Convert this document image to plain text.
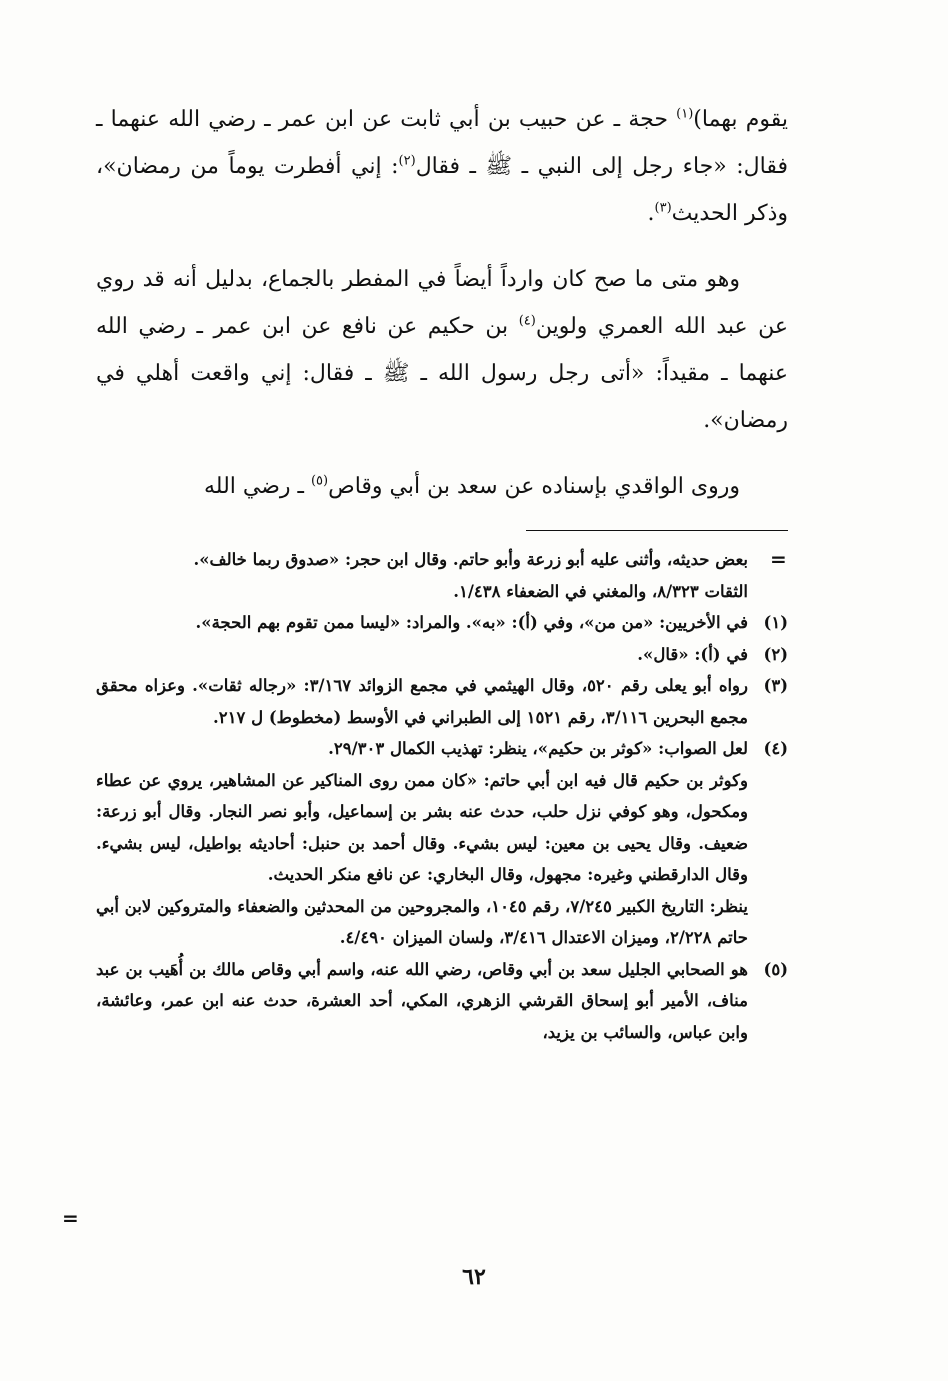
يقوم بهما)$^{(١)}$ حجة ـ عن حبيب بن أبي ثابت عن ابن عمر ـ رضي الله عنهما ـ فقال: «جاء رجل إلى النبي ـ ﷺ ـ فقال$^{(٢)}$: إني أفطرت يوماً من رمضان»، وذكر الحديث$^{(٣)}$.

وهو متى ما صح كان وارداً أيضاً في المفطر بالجماع، بدليل أنه قد روي عن عبد الله العمري ولوين$^{(٤)}$ بن حكيم عن نافع عن ابن عمر ـ رضي الله عنهما ـ مقيداً: «أتى رجل رسول الله ـ ﷺ ـ فقال: إني واقعت أهلي في رمضان».

وروى الواقدي بإسناده عن سعد بن أبي وقاص$^{(٥)}$ ـ رضي الله

=

بعض حديثه، وأثنى عليه أبو زرعة وأبو حاتم. وقال ابن حجر: «صدوق ربما خالف».

الثقات ٨/٣٢٣، والمغني في الضعفاء ١/٤٣٨.

(١)
في الأخريين: «من من»، وفي (أ): «به». والمراد: «ليسا ممن تقوم بهم الحجة».
(٢)
في (أ): «قال».
(٣)
رواه أبو يعلى رقم ٥٢٠، وقال الهيثمي في مجمع الزوائد ٣/١٦٧: «رجاله ثقات». وعزاه محقق مجمع البحرين ٣/١١٦، رقم ١٥٢١ إلى الطبراني في الأوسط (مخطوط) ل ٢١٧.
(٤)

لعل الصواب: «كوثر بن حكيم»، ينظر: تهذيب الكمال ٢٩/٣٠٣.

وكوثر بن حكيم قال فيه ابن أبي حاتم: «كان ممن روى المناكير عن المشاهير، يروي عن عطاء ومكحول، وهو كوفي نزل حلب، حدث عنه بشر بن إسماعيل، وأبو نصر النجار. وقال أبو زرعة: ضعيف. وقال يحيى بن معين: ليس بشيء. وقال أحمد بن حنبل: أحاديثه بواطيل، ليس بشيء. وقال الدارقطني وغيره: مجهول، وقال البخاري: عن نافع منكر الحديث.

ينظر: التاريخ الكبير ٧/٢٤٥، رقم ١٠٤٥، والمجروحين من المحدثين والضعفاء والمتروكين لابن أبي حاتم ٢/٢٢٨، وميزان الاعتدال ٣/٤١٦، ولسان الميزان ٤/٤٩٠.

(٥)
هو الصحابي الجليل سعد بن أبي وقاص، رضي الله عنه، واسم أبي وقاص مالك بن أُهَيب بن عبد مناف، الأمير أبو إسحاق القرشي الزهري، المكي، أحد العشرة، حدث عنه ابن عمر، وعائشة، وابن عباس، والسائب بن يزيد،
=
٦٢
